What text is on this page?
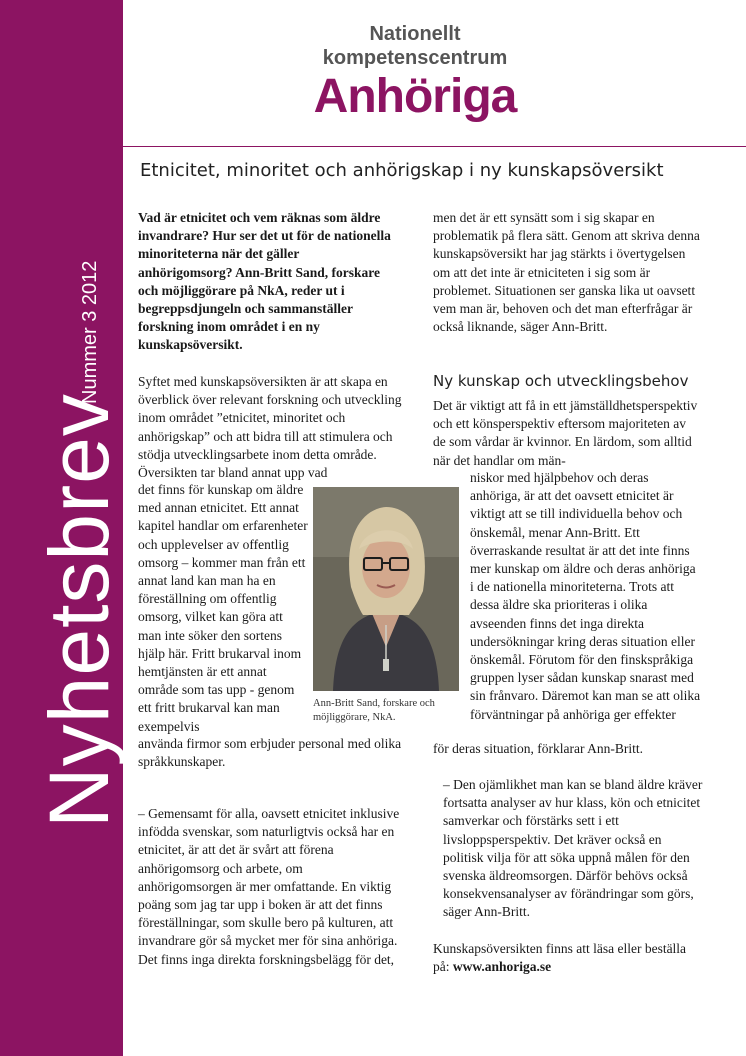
Nummer 3 2012
Nyhetsbrev
Nationellt
kompetenscentrum
Anhöriga
Etnicitet, minoritet och anhörigskap i ny kunskapsöversikt

Vad är etnicitet och vem räknas som äldre invandrare? Hur ser det ut för de nationella minoriteterna när det gäller anhörigomsorg? Ann-Britt Sand, forskare och möjliggörare på NkA, reder ut i begreppsdjungeln och sammanställer forskning inom området i en ny kunskapsöversikt.

Syftet med kunskapsöversikten är att skapa en överblick över relevant forskning och utveckling inom området ”etnicitet, minoritet och anhörigskap” och att bidra till att stimulera och stödja utvecklingsarbete inom detta område. Översikten tar bland annat upp vad

det finns för kunskap om äldre med annan etnicitet. Ett annat kapitel handlar om erfarenheter och upplevelser av offentlig omsorg – kommer man från ett annat land kan man ha en föreställning om offentlig omsorg, vilket kan göra att man inte söker den sortens hjälp här. Fritt brukarval inom hemtjänsten är ett annat område som tas upp - genom ett fritt brukarval kan man exempelvis

använda firmor som erbjuder personal med olika språkkunskaper.

– Gemensamt för alla, oavsett etnicitet inklusive infödda svenskar, som naturligtvis också har en etnicitet, är att det är svårt att förena anhörigomsorg och arbete, om anhörigomsorgen är mer omfattande. En viktig poäng som jag tar upp i boken är att det finns föreställningar, som skulle bero på kulturen, att invandrare gör så mycket mer för sina anhöriga. Det finns inga direkta forskningsbelägg för det,

Ann-Britt Sand, forskare och möjliggörare, NkA.

men det är ett synsätt som i sig skapar en problematik på flera sätt. Genom att skriva denna kunskapsöversikt har jag stärkts i övertygelsen om att det inte är etniciteten i sig som är problemet. Situationen ser ganska lika ut oavsett vem man är, behoven och det man efterfrågar är också liknande, säger Ann-Britt.

Ny kunskap och utvecklingsbehov

Det är viktigt att få in ett jämställdhetsperspektiv och ett könsperspektiv eftersom majoriteten av de som vårdar är kvinnor. En lärdom, som alltid när det handlar om män-

niskor med hjälpbehov och deras anhöriga, är att det oavsett etnicitet är viktigt att se till individuella behov och önskemål, menar Ann-Britt. Ett överraskande resultat är att det inte finns mer kunskap om äldre och deras anhöriga i de nationella minoriteterna. Trots att dessa äldre ska prioriteras i olika avseenden finns det inga direkta undersökningar kring deras situation eller önskemål. Förutom för den finskspråkiga gruppen lyser sådan kunskap snarast med sin frånvaro. Däremot kan man se att olika förväntningar på anhöriga ger effekter

för deras situation, förklarar Ann-Britt.

– Den ojämlikhet man kan se bland äldre kräver fortsatta analyser av hur klass, kön och etnicitet samverkar och förstärks sett i ett livsloppsperspektiv. Det kräver också en politisk vilja för att söka uppnå målen för den svenska äldreomsorgen. Därför behövs också konsekvensanalyser av förändringar som görs, säger Ann-Britt.

Kunskapsöversikten finns att läsa eller beställa på: www.anhoriga.se
